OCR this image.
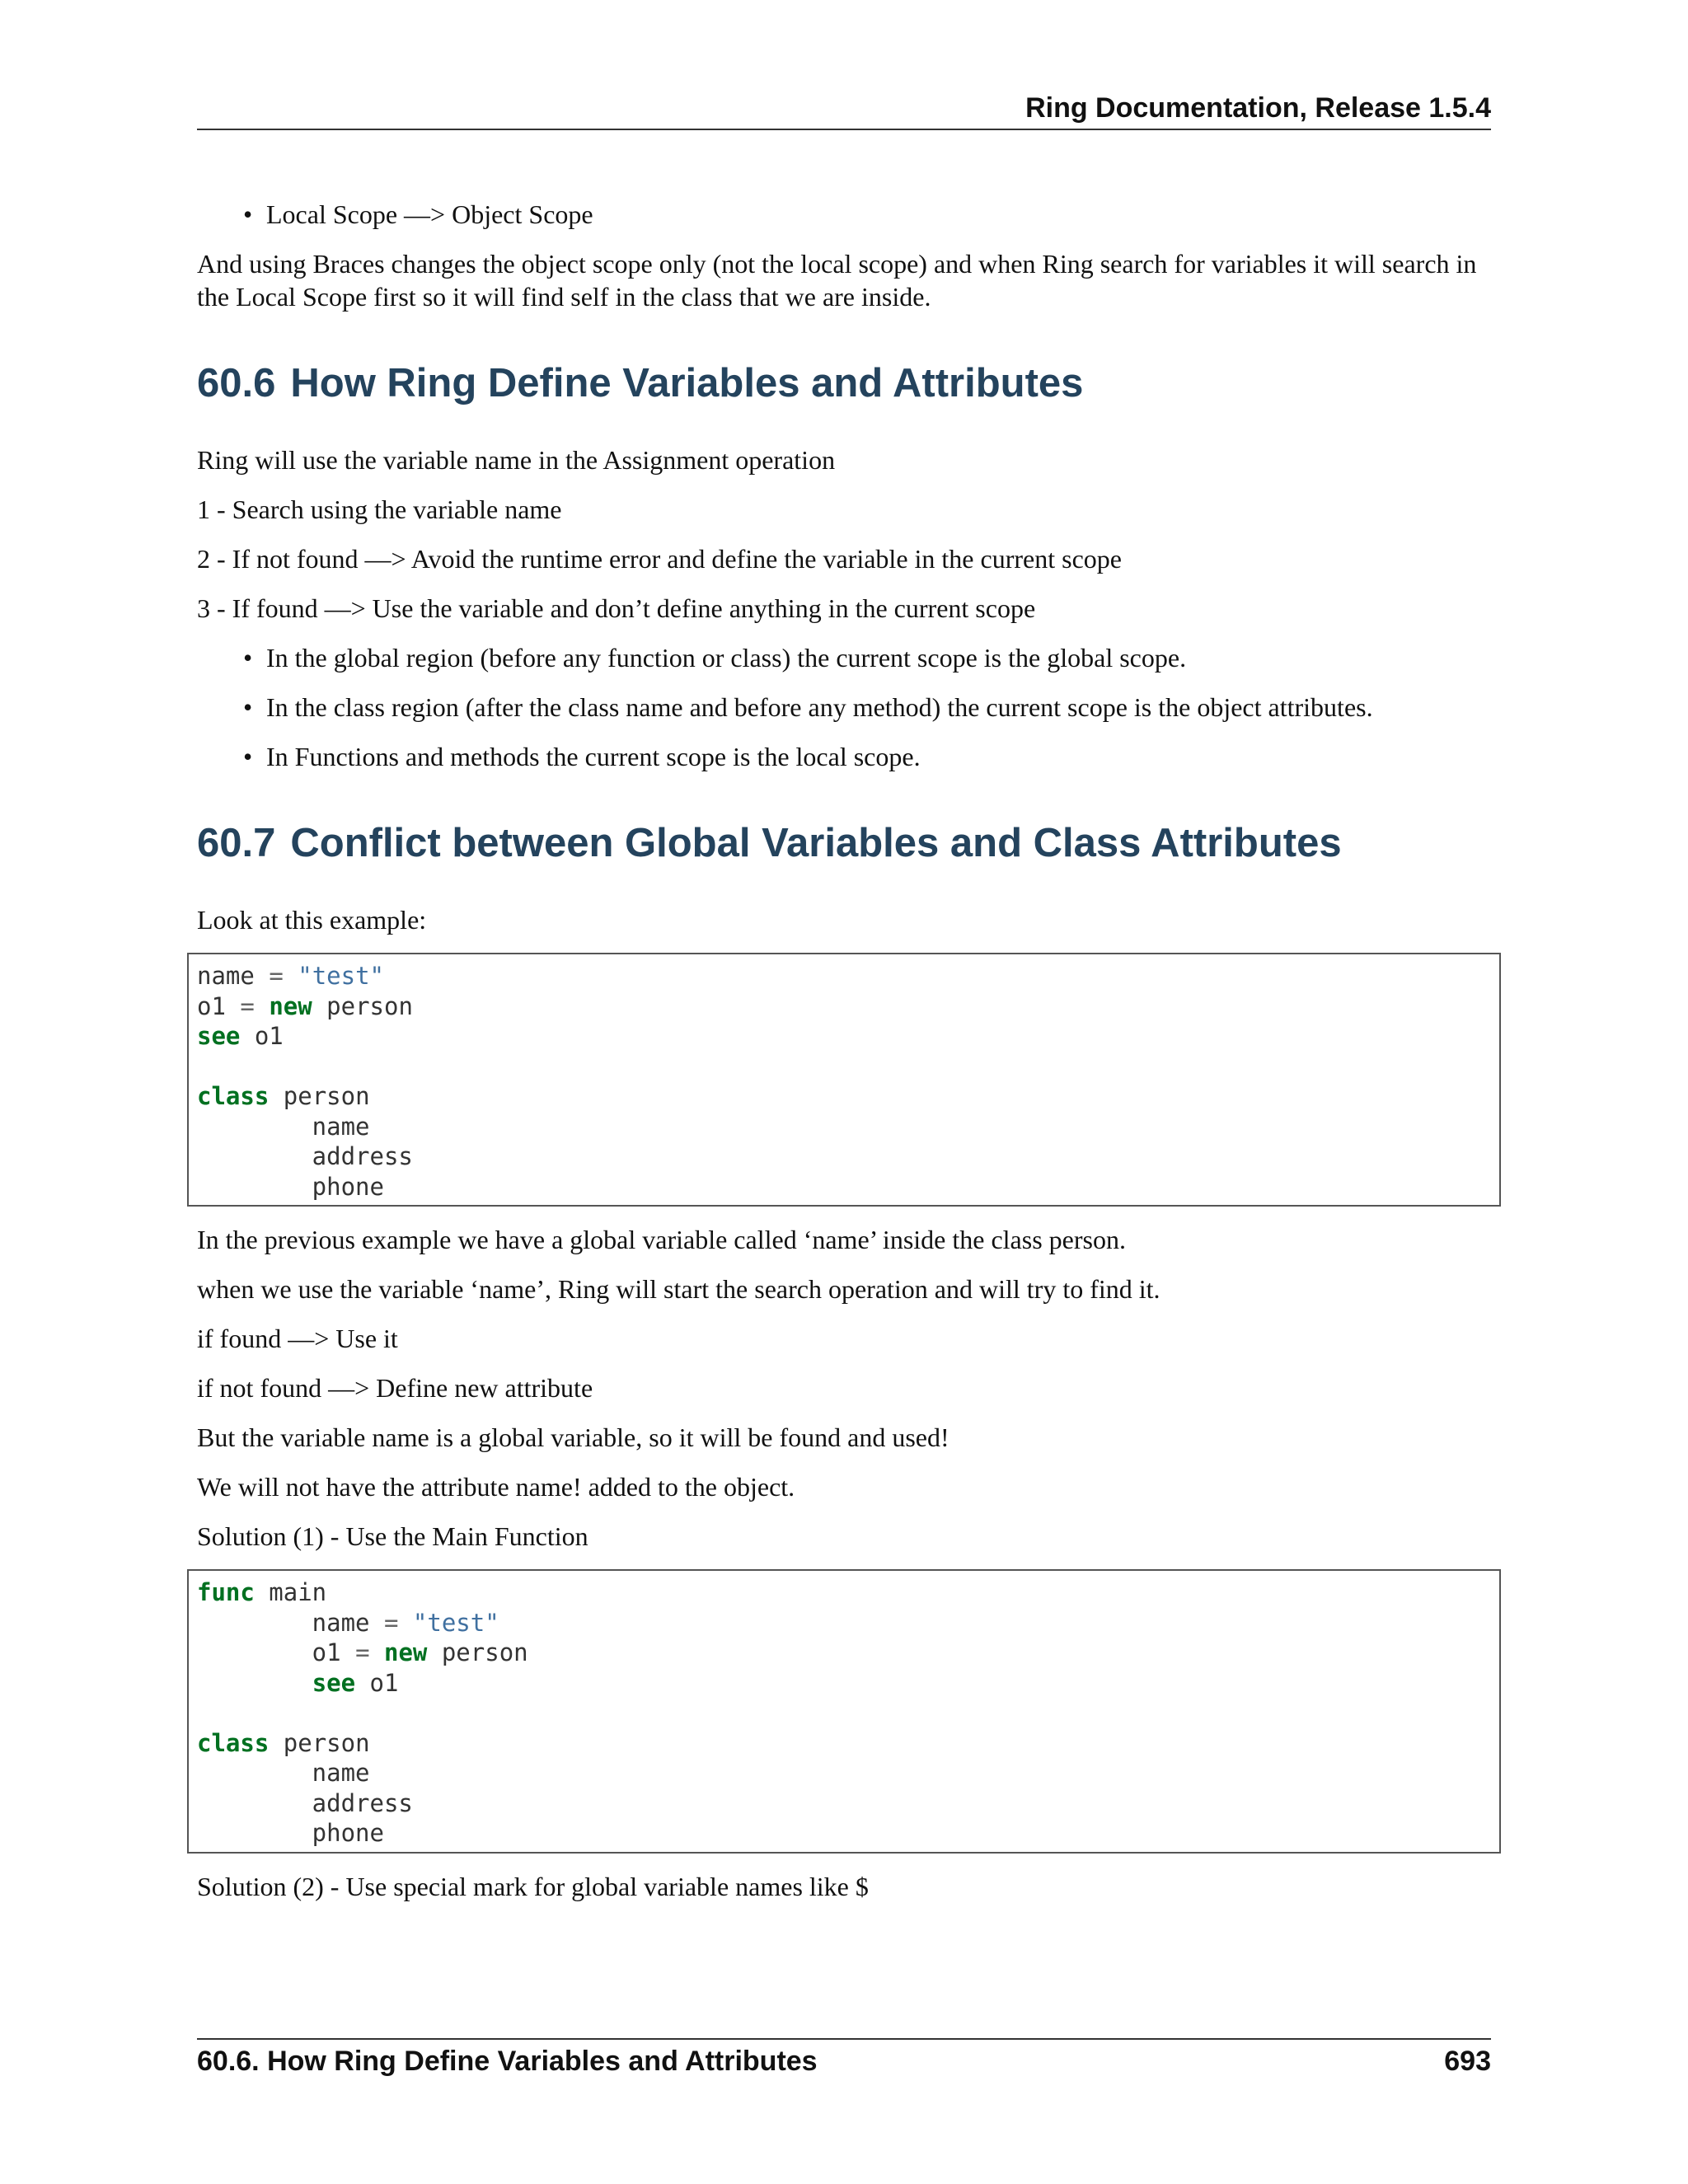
Ring Documentation, Release 1.5.4
• Local Scope —> Object Scope

And using Braces changes the object scope only (not the local scope) and when Ring search for variables it will search in the Local Scope first so it will find self in the class that we are inside.

60.6 How Ring Define Variables and Attributes

Ring will use the variable name in the Assignment operation

1 - Search using the variable name

2 - If not found —> Avoid the runtime error and define the variable in the current scope

3 - If found —> Use the variable and don’t define anything in the current scope

• In the global region (before any function or class) the current scope is the global scope.
• In the class region (after the class name and before any method) the current scope is the object attributes.
• In Functions and methods the current scope is the local scope.
60.7 Conflict between Global Variables and Class Attributes

Look at this example:

name = "test"
o1 = new person
see o1
class person
name
address
phone

In the previous example we have a global variable called ‘name’ inside the class person.

when we use the variable ‘name’, Ring will start the search operation and will try to find it.

if found —> Use it

if not found —> Define new attribute

But the variable name is a global variable, so it will be found and used!

We will not have the attribute name! added to the object.

Solution (1) - Use the Main Function

func main
name = "test"
o1 = new person
see o1
class person
name
address
phone

Solution (2) - Use special mark for global variable names like $

60.6. How Ring Define Variables and Attributes	693
